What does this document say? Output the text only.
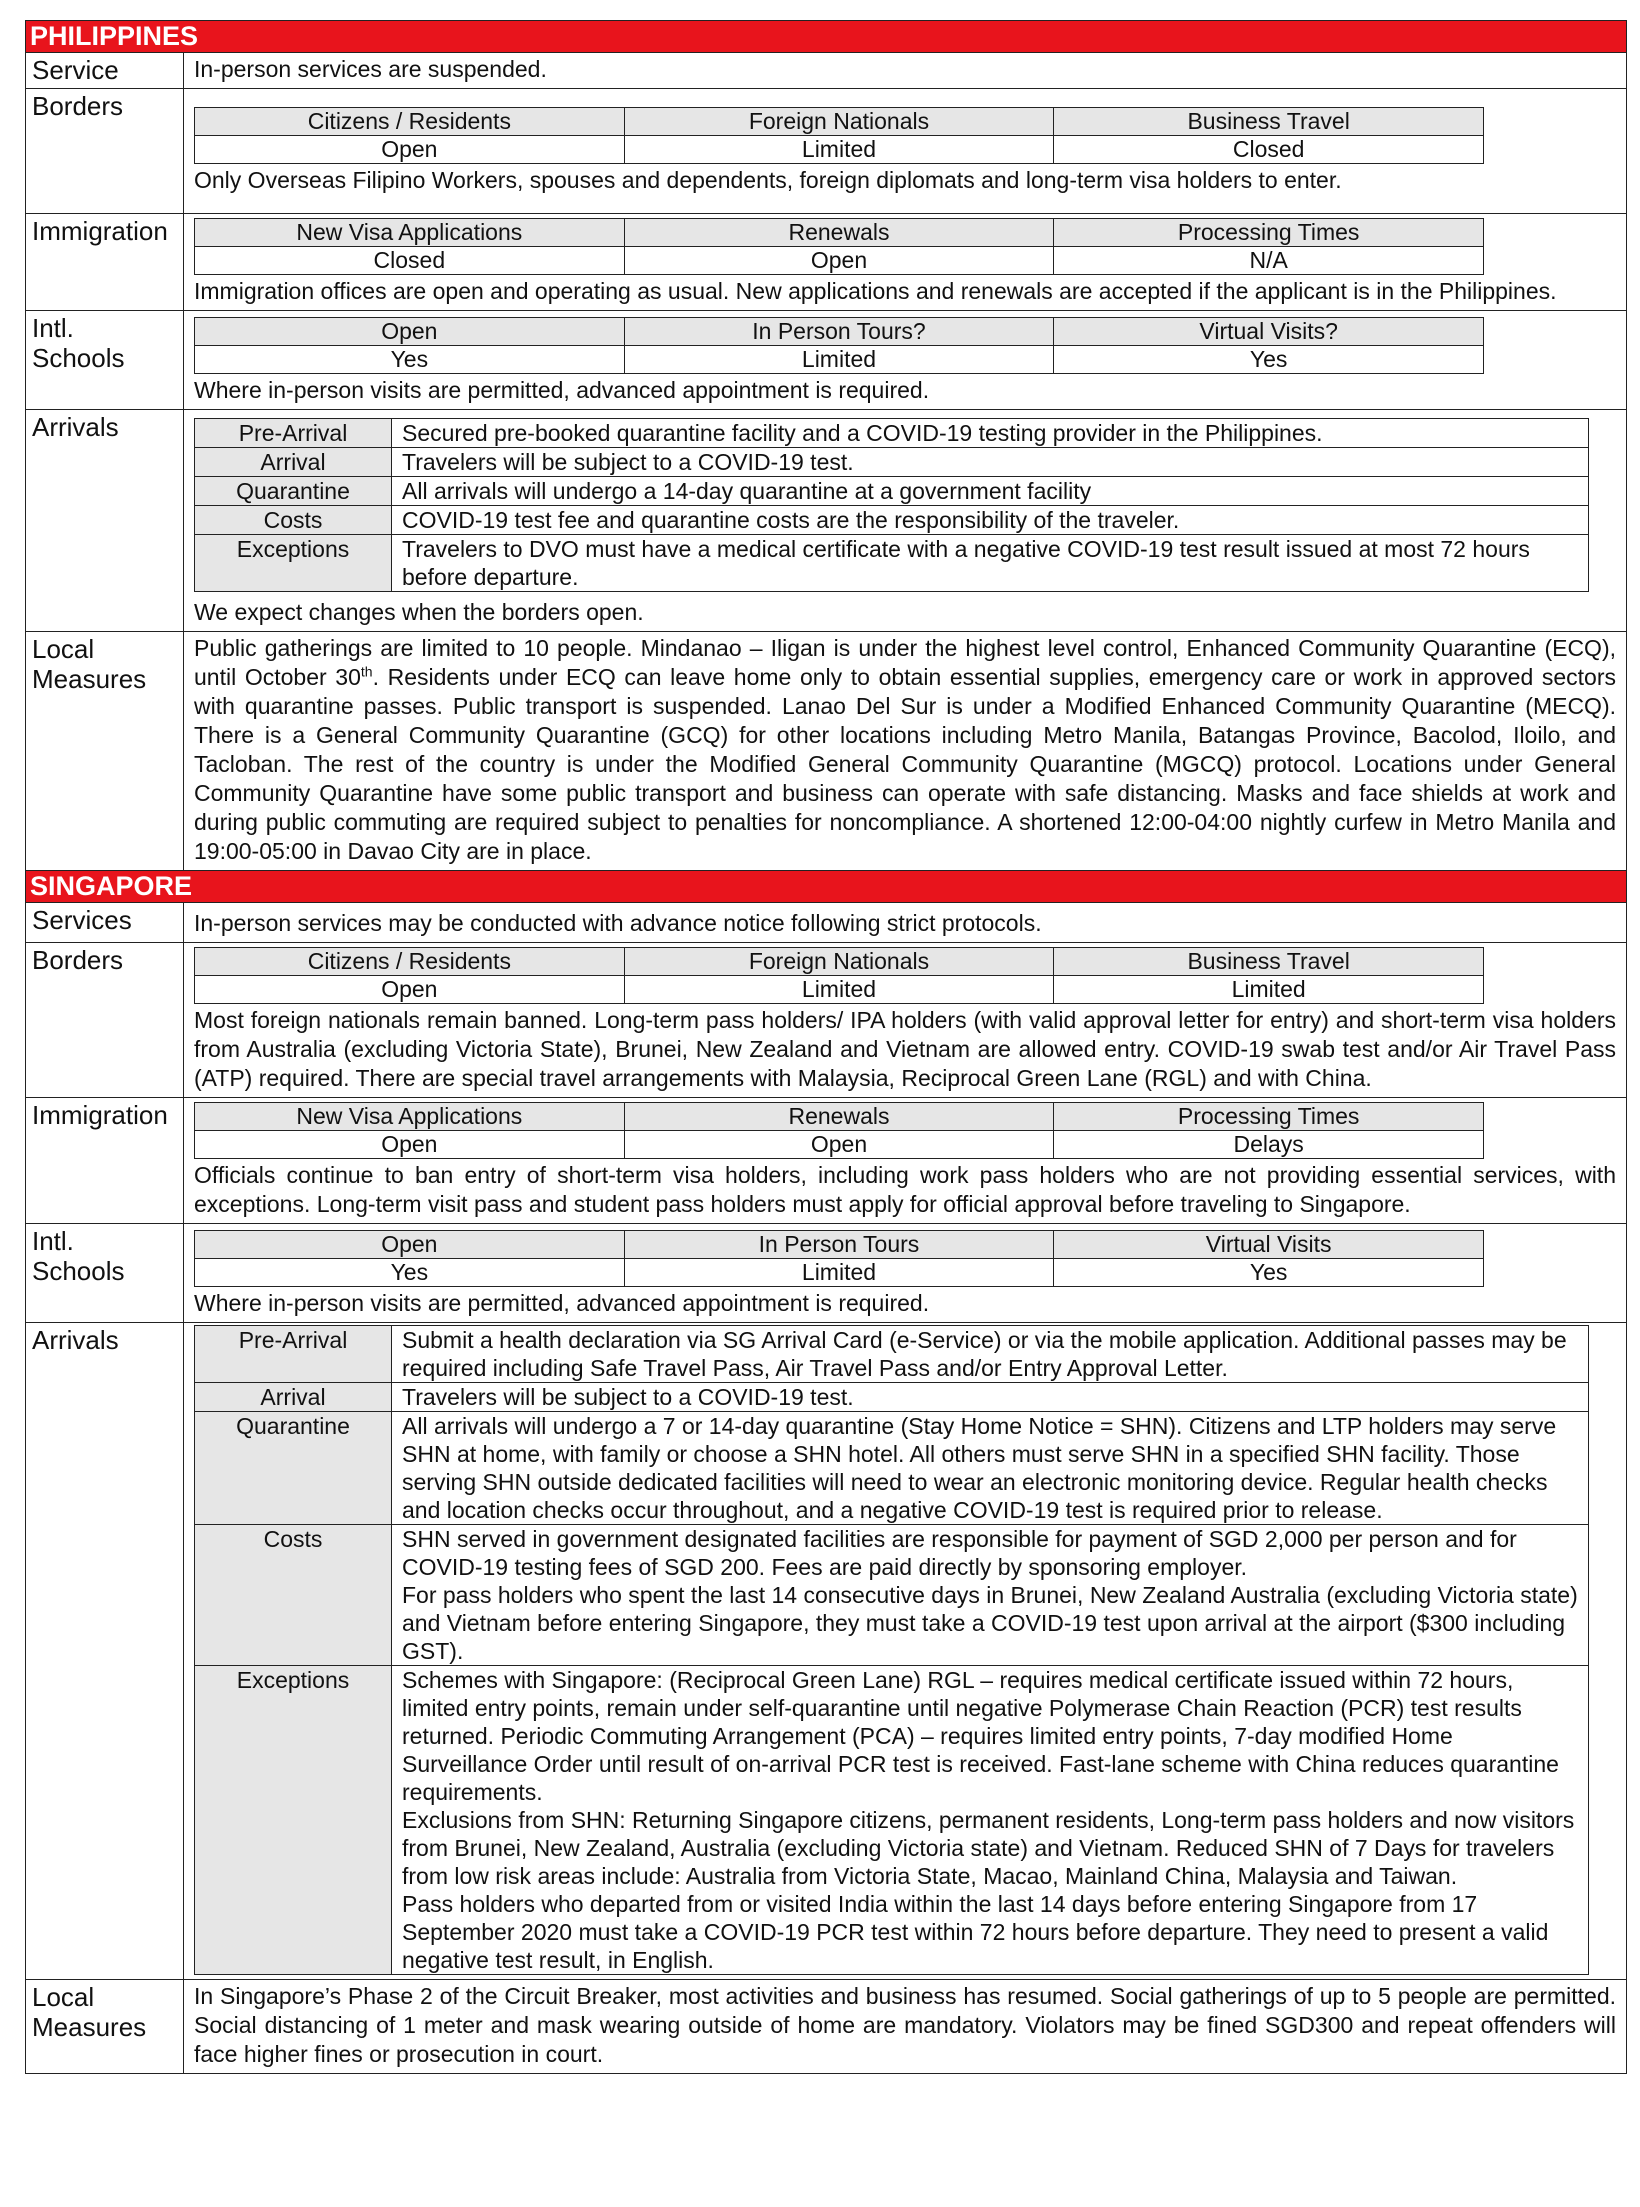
PHILIPPINES
Service	In-person services are suspended.
Borders		Citizens / Residents	Foreign Nationals	Business Travel
Open	Limited	Closed
Only Overseas Filipino Workers, spouses and dependents, foreign diplomats and long-term visa holders to enter.

Immigration		New Visa Applications	Renewals	Processing Times
Closed	Open	N/A
Immigration offices are open and operating as usual. New applications and renewals are accepted if the applicant is in the Philippines.

Intl.
Schools

Open	In Person Tours?	Virtual Visits?
Yes	Limited	Yes
Where in-person visits are permitted, advanced appointment is required.

Arrivals		Pre-Arrival	Secured pre-booked quarantine facility and a COVID-19 testing provider in the Philippines.

Arrival	Travelers will be subject to a COVID-19 test.

Quarantine	All arrivals will undergo a 14-day quarantine at a government facility

Costs	COVID-19 test fee and quarantine costs are the responsibility of the traveler.

Exceptions	Travelers to DVO must have a medical certificate with a negative COVID-19 test result issued at most 72 hours before departure.
We expect changes when the borders open.

Local
Measures
	Public gatherings are limited to 10 people. Mindanao – Iligan is under the highest level control, Enhanced Community Quarantine (ECQ), until October 30th. Residents under ECQ can leave home only to obtain essential supplies, emergency care or work in approved sectors with quarantine passes. Public transport is suspended. Lanao Del Sur is under a Modified Enhanced Community Quarantine (MECQ). There is a General Community Quarantine (GCQ) for other locations including Metro Manila, Batangas Province, Bacolod, Iloilo, and Tacloban. The rest of the country is under the Modified General Community Quarantine (MGCQ) protocol. Locations under General Community Quarantine have some public transport and business can operate with safe distancing. Masks and face shields at work and during public commuting are required subject to penalties for noncompliance. A shortened 12:00-04:00 nightly curfew in Metro Manila and 19:00-05:00 in Davao City are in place.
SINGAPORE
Services	In-person services may be conducted with advance notice following strict protocols.
Borders		Citizens / Residents	Foreign Nationals	Business Travel
Open	Limited	Limited
Most foreign nationals remain banned. Long-term pass holders/ IPA holders (with valid approval letter for entry) and short-term visa holders from Australia (excluding Victoria State), Brunei, New Zealand and Vietnam are allowed entry. COVID-19 swab test and/or Air Travel Pass (ATP) required. There are special travel arrangements with Malaysia, Reciprocal Green Lane (RGL) and with China.

Immigration		New Visa Applications	Renewals	Processing Times
Open	Open	Delays
Officials continue to ban entry of short-term visa holders, including work pass holders who are not providing essential services, with exceptions. Long-term visit pass and student pass holders must apply for official approval before traveling to Singapore.

Intl.
Schools

Open	In Person Tours	Virtual Visits
Yes	Limited	Yes
Where in-person visits are permitted, advanced appointment is required.

Arrivals		Pre-Arrival	Submit a health declaration via SG Arrival Card (e-Service) or via the mobile application. Additional passes may be required including Safe Travel Pass, Air Travel Pass and/or Entry Approval Letter.

Arrival	Travelers will be subject to a COVID-19 test.

Quarantine	All arrivals will undergo a 7 or 14-day quarantine (Stay Home Notice = SHN). Citizens and LTP holders may serve SHN at home, with family or choose a SHN hotel. All others must serve SHN in a specified SHN facility. Those serving SHN outside dedicated facilities will need to wear an electronic monitoring device. Regular health checks and location checks occur throughout, and a negative COVID-19 test is required prior to release.

Costs	SHN served in government designated facilities are responsible for payment of SGD 2,000 per person and for COVID-19 testing fees of SGD 200. Fees are paid directly by sponsoring employer.
For pass holders who spent the last 14 consecutive days in Brunei, New Zealand Australia (excluding Victoria state) and Vietnam before entering Singapore, they must take a COVID-19 test upon arrival at the airport ($300 including GST).

Exceptions	Schemes with Singapore: (Reciprocal Green Lane) RGL – requires medical certificate issued within 72 hours, limited entry points, remain under self-quarantine until negative Polymerase Chain Reaction (PCR) test results returned. Periodic Commuting Arrangement (PCA) – requires limited entry points, 7-day modified Home Surveillance Order until result of on-arrival PCR test is received. Fast-lane scheme with China reduces quarantine requirements.
Exclusions from SHN: Returning Singapore citizens, permanent residents, Long-term pass holders and now visitors from Brunei, New Zealand, Australia (excluding Victoria state) and Vietnam. Reduced SHN of 7 Days for travelers from low risk areas include: Australia from Victoria State, Macao, Mainland China, Malaysia and Taiwan.
Pass holders who departed from or visited India within the last 14 days before entering Singapore from 17 September 2020 must take a COVID-19 PCR test within 72 hours before departure. They need to present a valid negative test result, in English.

Local
Measures
	In Singapore’s Phase 2 of the Circuit Breaker, most activities and business has resumed. Social gatherings of up to 5 people are permitted. Social distancing of 1 meter and mask wearing outside of home are mandatory. Violators may be fined SGD300 and repeat offenders will face higher fines or prosecution in court.
